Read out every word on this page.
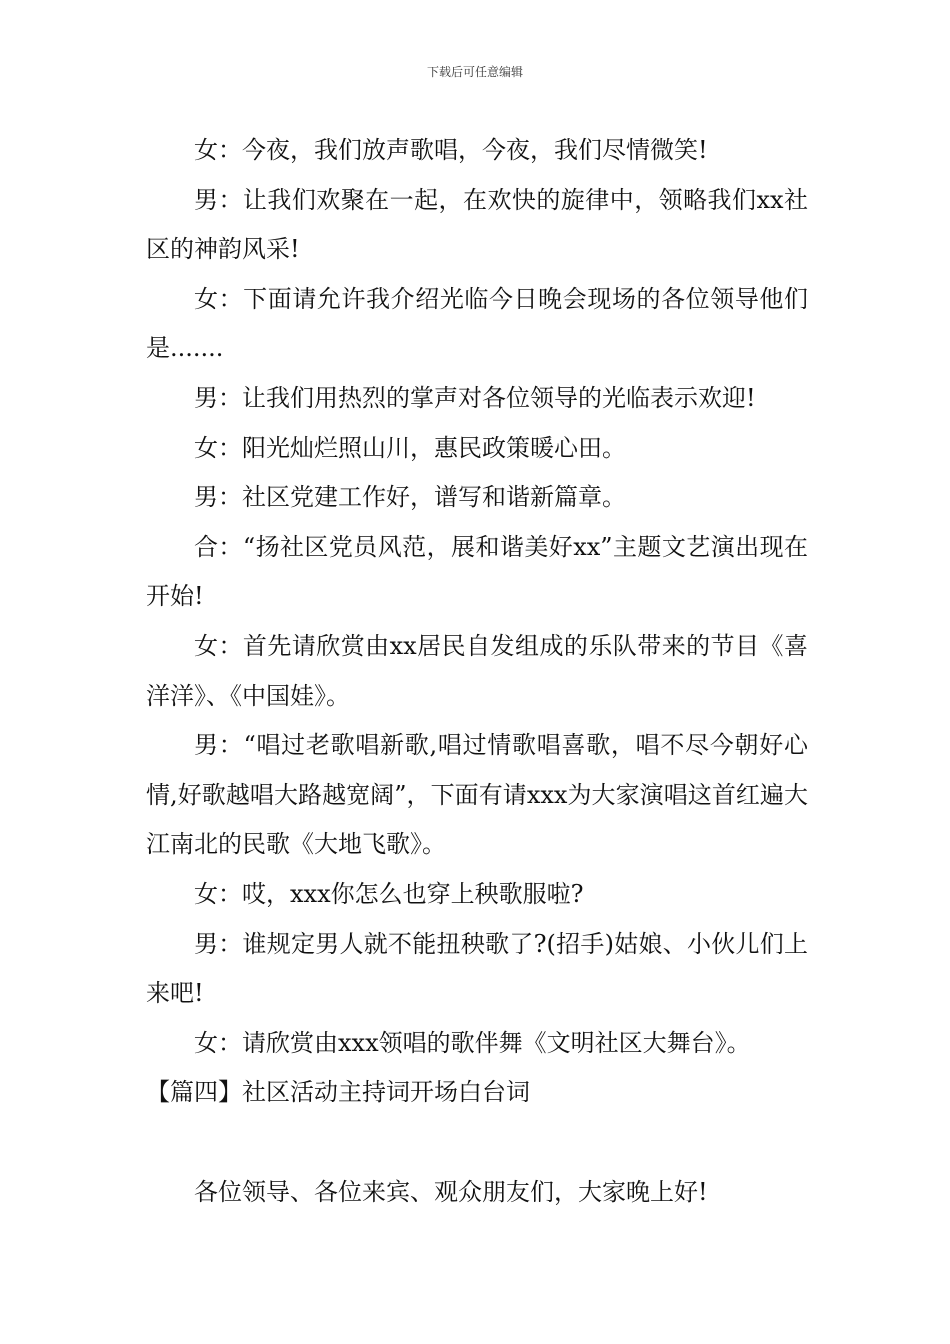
下载后可任意编辑

女：今夜，我们放声歌唱，今夜，我们尽情微笑!

男：让我们欢聚在一起，在欢快的旋律中，领略我们xx社区的神韵风采!

女：下面请允许我介绍光临今日晚会现场的各位领导他们是.......

男：让我们用热烈的掌声对各位领导的光临表示欢迎!

女：阳光灿烂照山川，惠民政策暖心田。

男：社区党建工作好，谱写和谐新篇章。

合：“扬社区党员风范，展和谐美好xx”主题文艺演出现在开始!

女：首先请欣赏由xx居民自发组成的乐队带来的节目《喜洋洋》、《中国娃》。

男：“唱过老歌唱新歌,唱过情歌唱喜歌，唱不尽今朝好心情,好歌越唱大路越宽阔”，下面有请xxx为大家演唱这首红遍大江南北的民歌《大地飞歌》。

女：哎，xxx你怎么也穿上秧歌服啦?

男：谁规定男人就不能扭秧歌了?(招手)姑娘、小伙儿们上来吧!

女：请欣赏由xxx领唱的歌伴舞《文明社区大舞台》。

【篇四】社区活动主持词开场白台词

各位领导、各位来宾、观众朋友们，大家晚上好!
